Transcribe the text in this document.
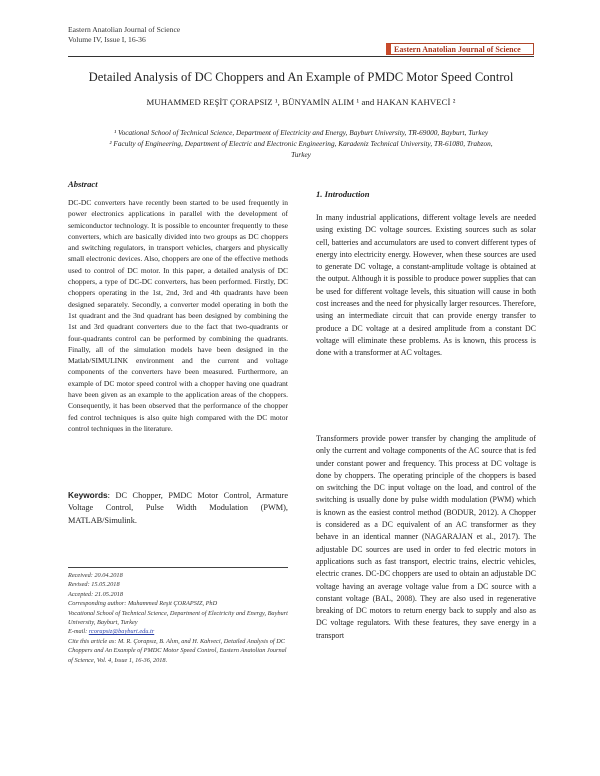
Eastern Anatolian Journal of Science
Volume IV, Issue I, 16-36
Eastern Anatolian Journal of Science
Detailed Analysis of DC Choppers and An Example of PMDC Motor Speed Control
MUHAMMED REŞİT ÇORAPSIZ ¹, BÜNYAMİN ALIM ¹ and HAKAN KAHVECİ ²
¹ Vocational School of Technical Science, Department of Electricity and Energy, Bayburt University, TR-69000, Bayburt, Turkey
² Faculty of Engineering, Department of Electric and Electronic Engineering, Karadeniz Technical University, TR-61080, Trabzon, Turkey
Abstract

DC-DC converters have recently been started to be used frequently in power electronics applications in parallel with the development of semiconductor technology. It is possible to encounter frequently to these converters, which are basically divided into two groups as DC choppers and switching regulators, in transport vehicles, chargers and physically small electronic devices. Also, choppers are one of the effective methods used to control of DC motor. In this paper, a detailed analysis of DC choppers, a type of DC-DC converters, has been performed. Firstly, DC choppers operating in the 1st, 2nd, 3rd and 4th quadrants have been designed separately. Secondly, a converter model operating in both the 1st quadrant and the 3nd quadrant has been designed by combining the 1st and 3rd quadrant converters due to the fact that two-quadrants or four-quadrants control can be performed by combining the quadrants. Finally, all of the simulation models have been designed in the Matlab/SIMULINK environment and the current and voltage components of the converters have been measured. Furthermore, an example of DC motor speed control with a chopper having one quadrant have been given as an example to the application areas of the choppers. Consequently, it has been observed that the performance of the chopper fed control techniques is also quite high compared with the DC motor control techniques in the literature.

Keywords: DC Chopper, PMDC Motor Control, Armature Voltage Control, Pulse Width Modulation (PWM), MATLAB/Simulink.
Received: 20.04.2018
Revised: 15.05.2018
Accepted: 21.05.2018
Corresponding author: Muhammed Reşit ÇORAPSIZ, PhD
Vocational School of Technical Science, Department of Electricity and Energy, Bayburt University, Bayburt, Turkey
E-mail: rcorapsiz@bayburt.edu.tr
Cite this article as: M. R. Çorapsız, B. Alım, and H. Kahveci, Detailed Analysis of DC Choppers and An Example of PMDC Motor Speed Control, Eastern Anatolian Journal of Science, Vol. 4, Issue 1, 16-36, 2018.
1. Introduction

In many industrial applications, different voltage levels are needed using existing DC voltage sources. Existing sources such as solar cell, batteries and accumulators are used to convert different types of energy into electricity energy. However, when these sources are used to generate DC voltage, a constant-amplitude voltage is obtained at the output. Although it is possible to produce power supplies that can be used for different voltage levels, this situation will cause in both cost increases and the need for physically larger resources. Therefore, using an intermediate circuit that can provide energy transfer to produce a DC voltage at a desired amplitude from a constant DC voltage will eliminate these problems. As is known, this process is done with a transformer at AC voltages.

Transformers provide power transfer by changing the amplitude of only the current and voltage components of the AC source that is fed under constant power and frequency. This process at DC voltage is done by choppers. The operating principle of the choppers is based on switching the DC input voltage on the load, and control of the switching is usually done by pulse width modulation (PWM) which is known as the easiest control method (BODUR, 2012). A Chopper is considered as a DC equivalent of an AC transformer as they behave in an identical manner (NAGARAJAN et al., 2017). The adjustable DC sources are used in order to fed electric motors in applications such as fast transport, electric trains, electric vehicles, electric cranes. DC-DC choppers are used to obtain an adjustable DC voltage having an average voltage value from a DC source with a constant voltage (BAL, 2008). They are also used in regenerative breaking of DC motors to return energy back to supply and also as DC voltage regulators. With these features, they save energy in a transport
